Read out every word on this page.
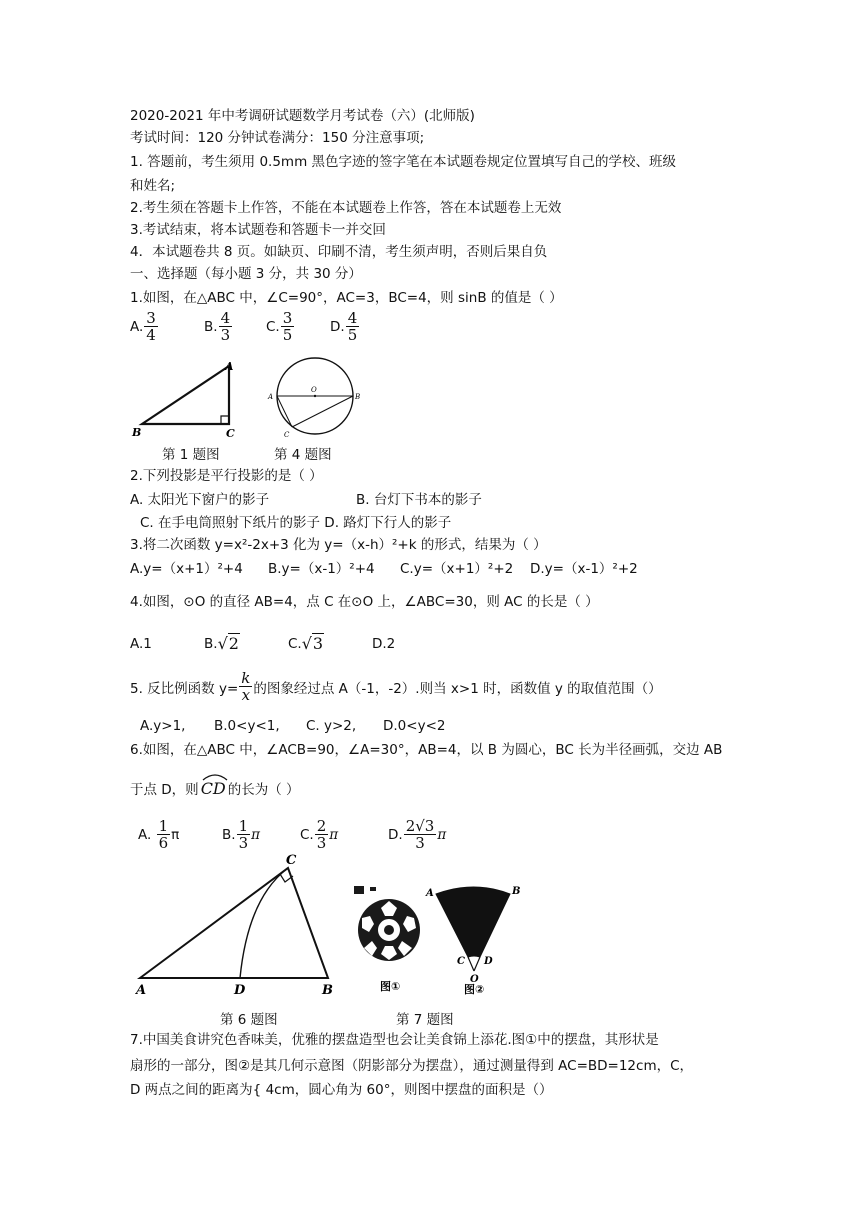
2020-2021 年中考调研试题数学月考试卷（六）(北师版)
考试时间：120 分钟试卷满分：150 分注意事项;
1. 答题前，考生须用 0.5mm 黑色字迹的签字笔在本试题卷规定位置填写自己的学校、班级
和姓名;
2.考生须在答题卡上作答，不能在本试题卷上作答，答在本试题卷上无效
3.考试结束，将本试题卷和答题卡一并交回
4．本试题卷共 8 页。如缺页、印刷不清，考生须声明，否则后果自负
一、选择题（每小题 3 分，共 30 分）
1.如图，在△ABC 中，∠C=90°，AC=3，BC=4，则 sinB 的值是（ ）
A. $\frac{3}{4}$	B. $\frac{4}{3}$	C. $\frac{3}{5}$	D. $\frac{4}{5}$
A
B	C
O
A	B
C
第 1 题图	第 4 题图
2.下列投影是平行投影的是（ ）
A. 太阳光下窗户的影子	B. 台灯下书本的影子
C. 在手电筒照射下纸片的影子 D. 路灯下行人的影子
3.将二次函数 y=x²-2x+3 化为 y=（x-h）²+k 的形式，结果为（ ）
A.y=（x+1）²+4 B.y=（x-1）²+4 C.y=（x+1）²+2 D.y=（x-1）²+2
4.如图，⊙O 的直径 AB=4，点 C 在⊙O 上，∠ABC=30，则 AC 的长是（ ）
A.1	B. √2	C. √3	D.2
5. 反比例函数 $y= \frac{k}{x}$ 的图象经过点 A（-1，-2）.则当 x>1 时，函数值 y 的取值范围（）
A.y>1, B.0<y<1, C. y>2, D.0<y<2
6.如图，在△ABC 中，∠ACB=90，∠A=30°，AB=4，以 B 为圆心，BC 长为半径画弧，交边 AB
于点 D，则 CD 的长为（ ）
A.
$\frac{1}{6}$ π	B. $\frac{1}{3}$ π	C. $\frac{2}{3}$ π	D. $\frac{2√3}{3}$ π
C
A	D	B	图①
A	B
C D
O
图②
第 6 题图	第 7 题图
7.中国美食讲究色香味美，优雅的摆盘造型也会让美食锦上添花.图①中的摆盘，其形状是
扇形的一部分，图②是其几何示意图（阴影部分为摆盘），通过测量得到 AC=BD=12cm，C，
D 两点之间的距离为{ 4cm，圆心角为 60°，则图中摆盘的面积是（）
